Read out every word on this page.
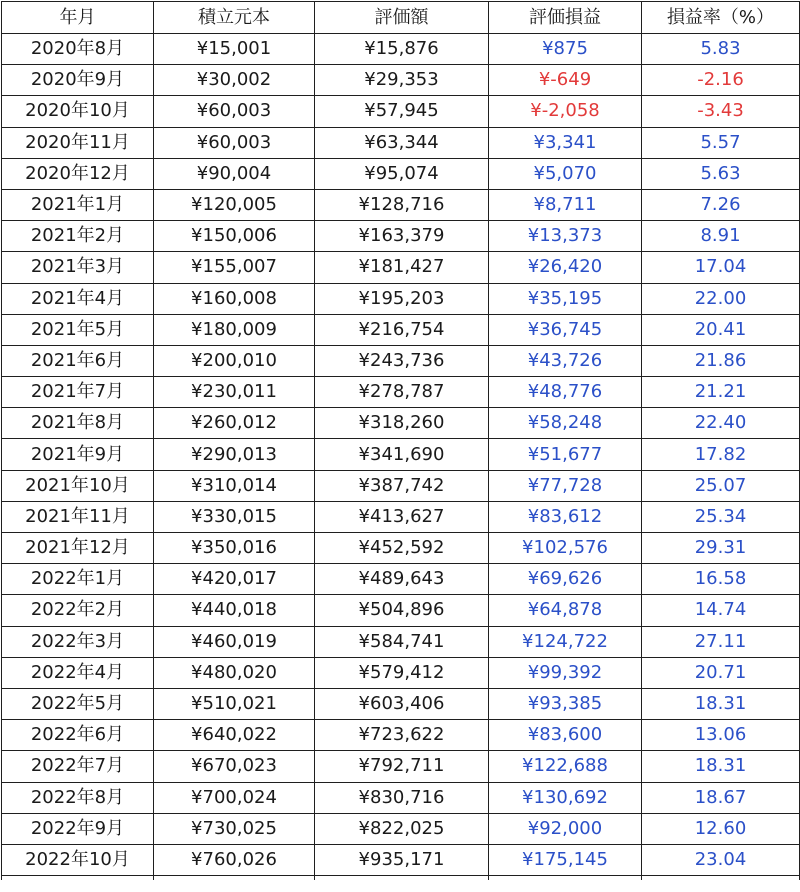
年月	積立元本	評価額	評価損益	損益率（%）
2020年8月	¥15,001	¥15,876	¥875	5.83
2020年9月	¥30,002	¥29,353	¥-649	-2.16
2020年10月	¥60,003	¥57,945	¥-2,058	-3.43
2020年11月	¥60,003	¥63,344	¥3,341	5.57
2020年12月	¥90,004	¥95,074	¥5,070	5.63
2021年1月	¥120,005	¥128,716	¥8,711	7.26
2021年2月	¥150,006	¥163,379	¥13,373	8.91
2021年3月	¥155,007	¥181,427	¥26,420	17.04
2021年4月	¥160,008	¥195,203	¥35,195	22.00
2021年5月	¥180,009	¥216,754	¥36,745	20.41
2021年6月	¥200,010	¥243,736	¥43,726	21.86
2021年7月	¥230,011	¥278,787	¥48,776	21.21
2021年8月	¥260,012	¥318,260	¥58,248	22.40
2021年9月	¥290,013	¥341,690	¥51,677	17.82
2021年10月	¥310,014	¥387,742	¥77,728	25.07
2021年11月	¥330,015	¥413,627	¥83,612	25.34
2021年12月	¥350,016	¥452,592	¥102,576	29.31
2022年1月	¥420,017	¥489,643	¥69,626	16.58
2022年2月	¥440,018	¥504,896	¥64,878	14.74
2022年3月	¥460,019	¥584,741	¥124,722	27.11
2022年4月	¥480,020	¥579,412	¥99,392	20.71
2022年5月	¥510,021	¥603,406	¥93,385	18.31
2022年6月	¥640,022	¥723,622	¥83,600	13.06
2022年7月	¥670,023	¥792,711	¥122,688	18.31
2022年8月	¥700,024	¥830,716	¥130,692	18.67
2022年9月	¥730,025	¥822,025	¥92,000	12.60
2022年10月	¥760,026	¥935,171	¥175,145	23.04
